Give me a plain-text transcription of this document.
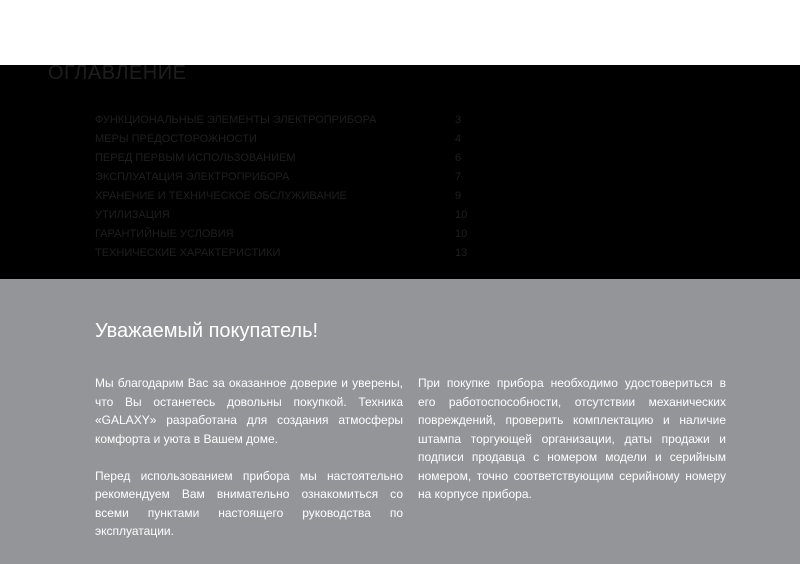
ОГЛАВЛЕНИЕ
ФУНКЦИОНАЛЬНЫЕ ЭЛЕМЕНТЫ ЭЛЕКТРОПРИБОРА	3
МЕРЫ ПРЕДОСТОРОЖНОСТИ	4
ПЕРЕД ПЕРВЫМ ИСПОЛЬЗОВАНИЕМ	6
ЭКСПЛУАТАЦИЯ ЭЛЕКТРОПРИБОРА	7
ХРАНЕНИЕ И ТЕХНИЧЕСКОЕ ОБСЛУЖИВАНИЕ	9
УТИЛИЗАЦИЯ	10
ГАРАНТИЙНЫЕ УСЛОВИЯ	10
ТЕХНИЧЕСКИЕ ХАРАКТЕРИСТИКИ	13
Уважаемый покупатель!

Мы благодарим Вас за оказанное доверие и уверены, что Вы останетесь довольны покупкой. Техника «GALAXY» разработана для создания атмосферы комфорта и уюта в Вашем доме.

Перед использованием прибора мы настоятельно рекомендуем Вам внимательно ознакомиться со всеми пунктами настоящего руководства по эксплуатации.

При покупке прибора необходимо удостовериться в его работоспособности, отсутствии механических повреждений, проверить комплектацию и наличие штампа торгующей организации, даты продажи и подписи продавца с номером модели и серийным номером, точно соответствующим серийному номеру на корпусе прибора.
